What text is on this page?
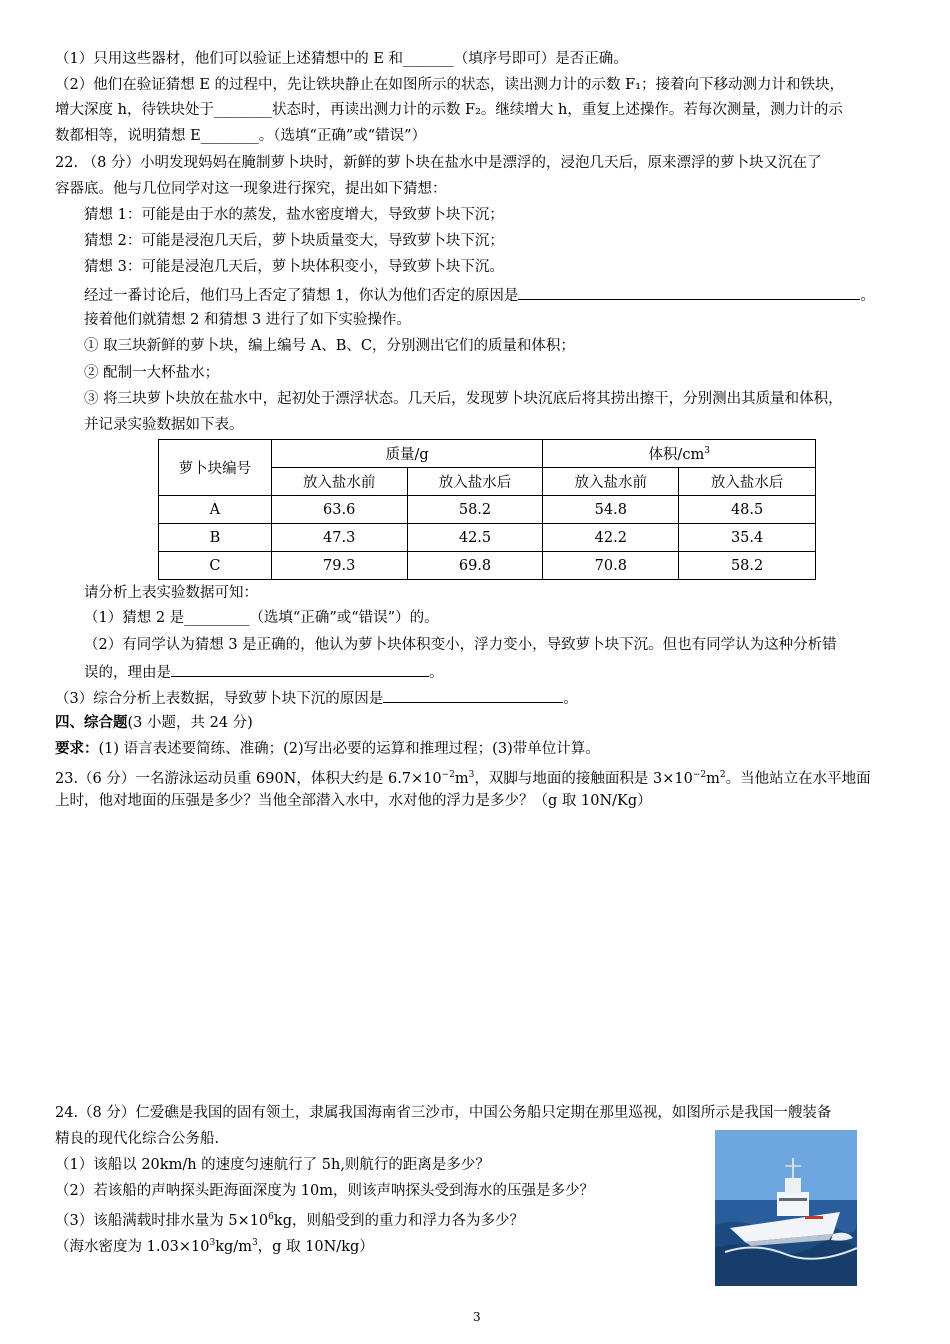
（1）只用这些器材，他们可以验证上述猜想中的 E 和_______（填序号即可）是否正确。
（2）他们在验证猜想 E 的过程中，先让铁块静止在如图所示的状态，读出测力计的示数 F₁；接着向下移动测力计和铁块，
增大深度 h，待铁块处于________状态时，再读出测力计的示数 F₂。继续增大 h，重复上述操作。若每次测量，测力计的示
数都相等，说明猜想 E________。（选填“正确”或“错误”）
22. （8 分）小明发现妈妈在腌制萝卜块时，新鲜的萝卜块在盐水中是漂浮的，浸泡几天后，原来漂浮的萝卜块又沉在了
容器底。他与几位同学对这一现象进行探究，提出如下猜想：
猜想 1：可能是由于水的蒸发，盐水密度增大，导致萝卜块下沉；
猜想 2：可能是浸泡几天后，萝卜块质量变大，导致萝卜块下沉；
猜想 3：可能是浸泡几天后，萝卜块体积变小，导致萝卜块下沉。
经过一番讨论后，他们马上否定了猜想 1，你认为他们否定的原因是	。
接着他们就猜想 2 和猜想 3 进行了如下实验操作。
① 取三块新鲜的萝卜块，编上编号 A、B、C，分别测出它们的质量和体积；
② 配制一大杯盐水；
③ 将三块萝卜块放在盐水中，起初处于漂浮状态。几天后，发现萝卜块沉底后将其捞出擦干，分别测出其质量和体积，
并记录实验数据如下表。
萝卜块编号	质量/g		体积$/cm^3$
	放入盐水前	放入盐水后	放入盐水前	放入盐水后
A	63.6	58.2	54.8	48.5
B	47.3	42.5	42.2	35.4
C	79.3	69.8	70.8	58.2
请分析上表实验数据可知：
（1）猜想 2 是_________（选填“正确”或“错误”）的。
（2）有同学认为猜想 3 是正确的，他认为萝卜块体积变小，浮力变小，导致萝卜块下沉。但也有同学认为这种分析错
误的，理由是	。
（3）综合分析上表数据，导致萝卜块下沉的原因是	。
四、综合题(3 小题，共 24 分)
要求：(1) 语言表述要简练、准确；(2)写出必要的运算和推理过程；(3)带单位计算。
23.（6 分）一名游泳运动员重 690N，体积大约是 $6.7\times 10^{-2}m^3$，双脚与地面的接触面积是 $3\times 10^{-2}m^2$。当他站立在水平地面
上时，他对地面的压强是多少？当他全部潜入水中，水对他的浮力是多少？（g 取 10N/Kg）
24.（8 分）仁爱礁是我国的固有领土，隶属我国海南省三沙市，中国公务船只定期在那里巡视，如图所示是我国一艘装备
精良的现代化综合公务船.
（1）该船以 20km/h 的速度匀速航行了 5h,则航行的距离是多少？
（2）若该船的声呐探头距海面深度为 10m，则该声呐探头受到海水的压强是多少？
（3）该船满载时排水量为 $5\times 10^6kg$，则船受到的重力和浮力各为多少？
（海水密度为 $1.03\times 10^3kg/m^3$，g 取 10N/kg）
3
